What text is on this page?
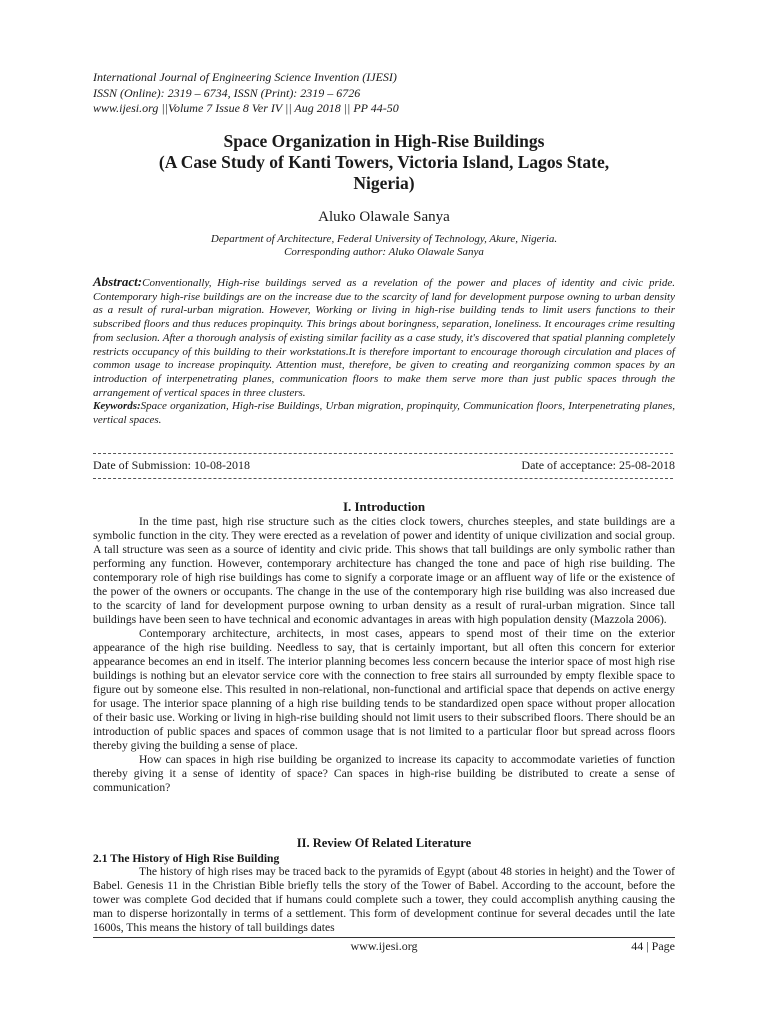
International Journal of Engineering Science Invention (IJESI)
ISSN (Online): 2319 – 6734, ISSN (Print): 2319 – 6726
www.ijesi.org ||Volume 7 Issue 8 Ver IV || Aug 2018 || PP 44-50
Space Organization in High-Rise Buildings
(A Case Study of Kanti Towers, Victoria Island, Lagos State,
Nigeria)
Aluko Olawale Sanya
Department of Architecture, Federal University of Technology, Akure, Nigeria.
Corresponding author: Aluko Olawale Sanya
Abstract:Conventionally, High-rise buildings served as a revelation of the power and places of identity and civic pride. Contemporary high-rise buildings are on the increase due to the scarcity of land for development purpose owning to urban density as a result of rural-urban migration. However, Working or living in high-rise building tends to limit users functions to their subscribed floors and thus reduces propinquity. This brings about boringness, separation, loneliness. It encourages crime resulting from seclusion. After a thorough analysis of existing similar facility as a case study, it's discovered that spatial planning completely restricts occupancy of this building to their workstations.It is therefore important to encourage thorough circulation and places of common usage to increase propinquity. Attention must, therefore, be given to creating and reorganizing common spaces by an introduction of interpenetrating planes, communication floors to make them serve more than just public spaces through the arrangement of vertical spaces in three clusters.
Keywords:Space organization, High-rise Buildings, Urban migration, propinquity, Communication floors, Interpenetrating planes, vertical spaces.
Date of Submission: 10-08-2018	Date of acceptance: 25-08-2018
I. Introduction

In the time past, high rise structure such as the cities clock towers, churches steeples, and state buildings are a symbolic function in the city. They were erected as a revelation of power and identity of unique civilization and social group. A tall structure was seen as a source of identity and civic pride. This shows that tall buildings are only symbolic rather than performing any function. However, contemporary architecture has changed the tone and pace of high rise building. The contemporary role of high rise buildings has come to signify a corporate image or an affluent way of life or the existence of the power of the owners or occupants. The change in the use of the contemporary high rise building was also increased due to the scarcity of land for development purpose owning to urban density as a result of rural-urban migration. Since tall buildings have been seen to have technical and economic advantages in areas with high population density (Mazzola 2006).

Contemporary architecture, architects, in most cases, appears to spend most of their time on the exterior appearance of the high rise building. Needless to say, that is certainly important, but all often this concern for exterior appearance becomes an end in itself. The interior planning becomes less concern because the interior space of most high rise buildings is nothing but an elevator service core with the connection to free stairs all surrounded by empty flexible space to figure out by someone else. This resulted in non-relational, non-functional and artificial space that depends on active energy for usage. The interior space planning of a high rise building tends to be standardized open space without proper allocation of their basic use. Working or living in high-rise building should not limit users to their subscribed floors. There should be an introduction of public spaces and spaces of common usage that is not limited to a particular floor but spread across floors thereby giving the building a sense of place.

How can spaces in high rise building be organized to increase its capacity to accommodate varieties of function thereby giving it a sense of identity of space? Can spaces in high-rise building be distributed to create a sense of communication?

II. Review Of Related Literature
2.1 The History of High Rise Building

The history of high rises may be traced back to the pyramids of Egypt (about 48 stories in height) and the Tower of Babel. Genesis 11 in the Christian Bible briefly tells the story of the Tower of Babel. According to the account, before the tower was complete God decided that if humans could complete such a tower, they could accomplish anything causing the man to disperse horizontally in terms of a settlement. This form of development continue for several decades until the late 1600s, This means the history of tall buildings dates

www.ijesi.org	44 | Page
